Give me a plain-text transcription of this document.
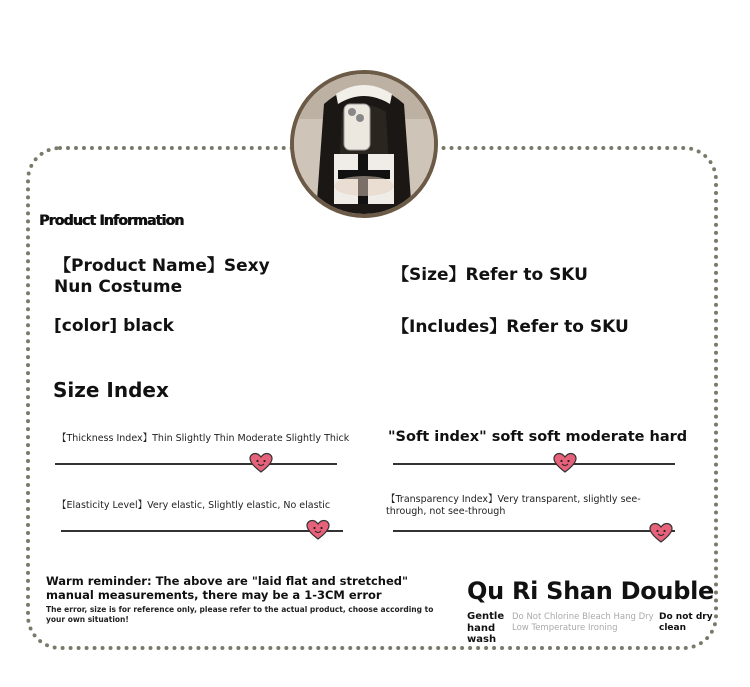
Product Information
【Product Name】Sexy Nun Costume
【Size】Refer to SKU
[color] black	【Includes】Refer to SKU
Size Index
【Thickness Index】Thin Slightly Thin Moderate Slightly Thick	"Soft index" soft soft moderate hard
【Elasticity Level】Very elastic, Slightly elastic, No elastic
【Transparency Index】Very transparent, slightly see-through, not see-through
Warm reminder: The above are "laid flat and stretched" manual measurements, there may be a 1-3CM error
The error, size is for reference only, please refer to the actual product, choose according to your own situation!
Qu Ri Shan Double
Gentle hand wash
Do Not Chlorine Bleach Hang Dry Low Temperature Ironing
Do not dry clean
